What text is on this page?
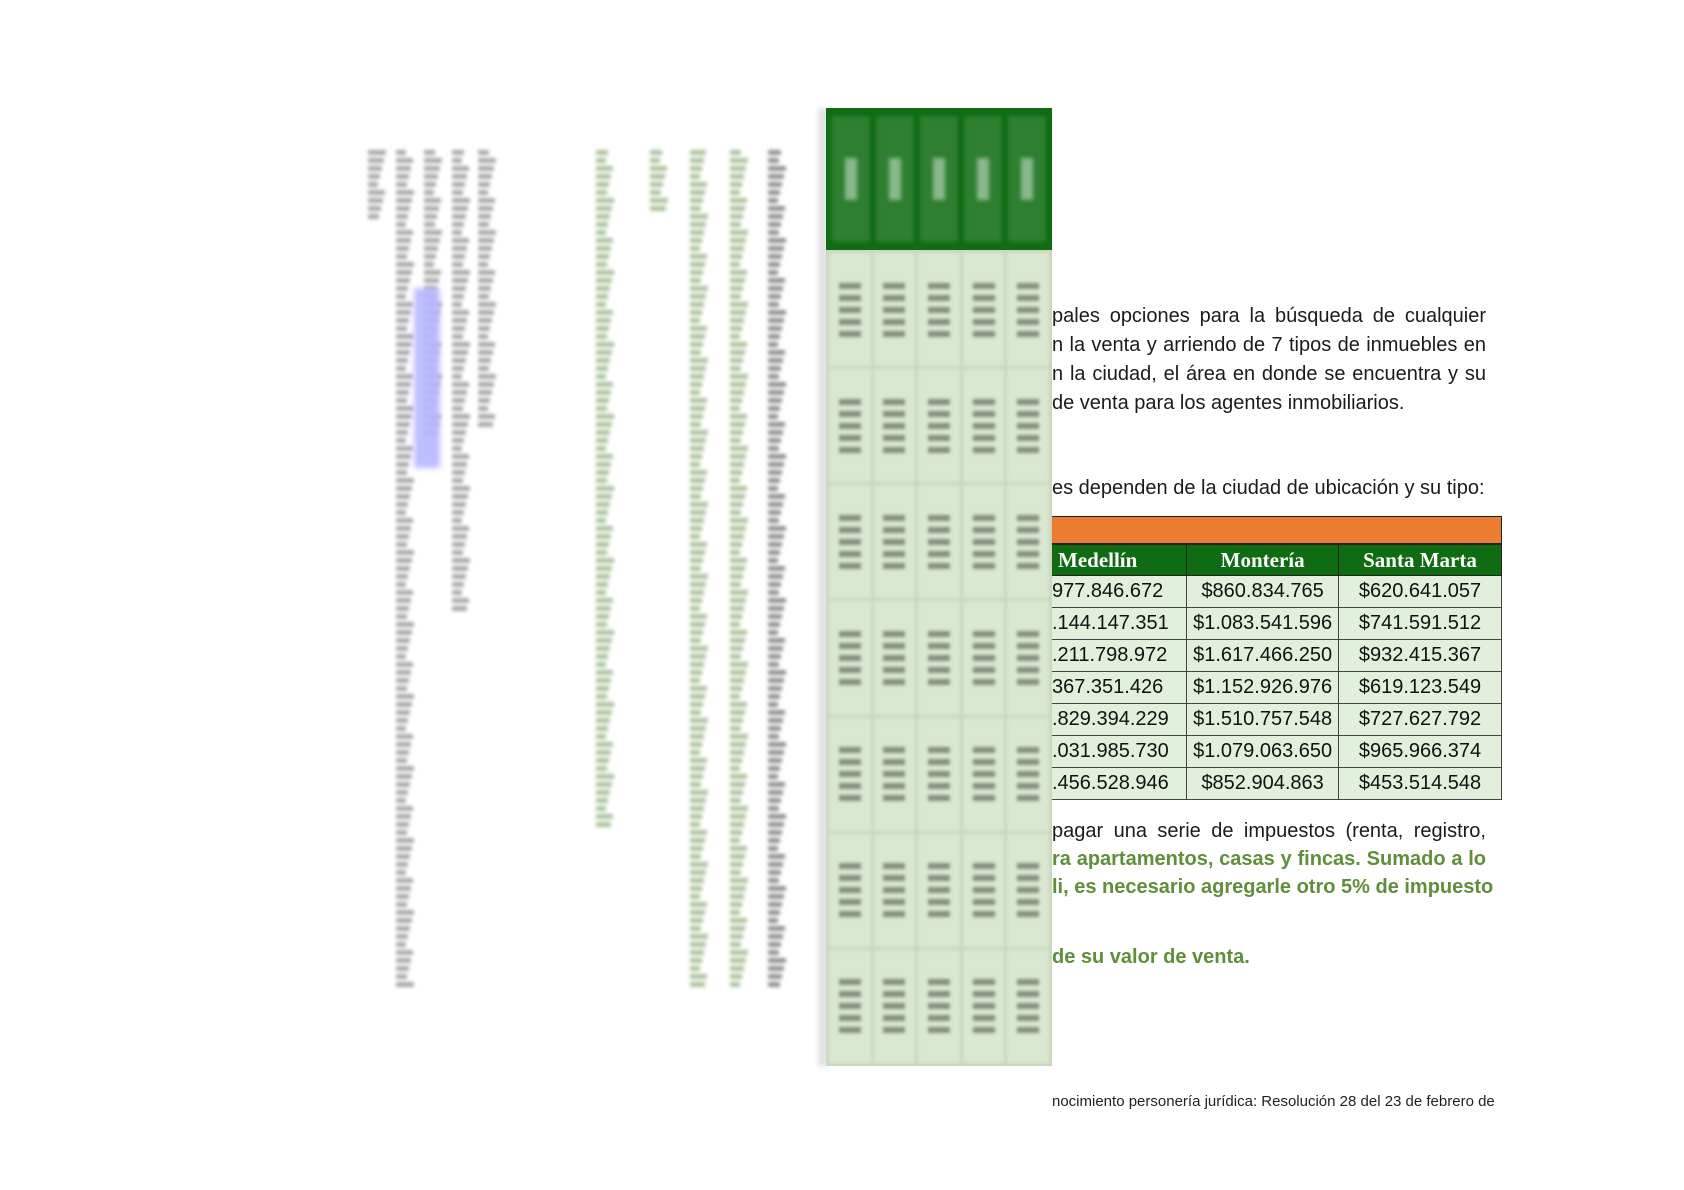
pales opciones para la búsqueda de cualquier
n la venta y arriendo de 7 tipos de inmuebles en
n la ciudad, el área en donde se encuentra y su
de venta para los agentes inmobiliarios.

es dependen de la ciudad de ubicación y su tipo:

Medellín	Montería	Santa Marta
977.846.672	$860.834.765	$620.641.057
.144.147.351	$1.083.541.596	$741.591.512
.211.798.972	$1.617.466.250	$932.415.367
367.351.426	$1.152.926.976	$619.123.549
.829.394.229	$1.510.757.548	$727.627.792
.031.985.730	$1.079.063.650	$965.966.374
.456.528.946	$852.904.863	$453.514.548

pagar una serie de impuestos (renta, registro,

ra apartamentos, casas y fincas. Sumado a lo
li, es necesario agregarle otro 5% de impuesto

de su valor de venta.

nocimiento personería jurídica: Resolución 28 del 23 de febrero de
